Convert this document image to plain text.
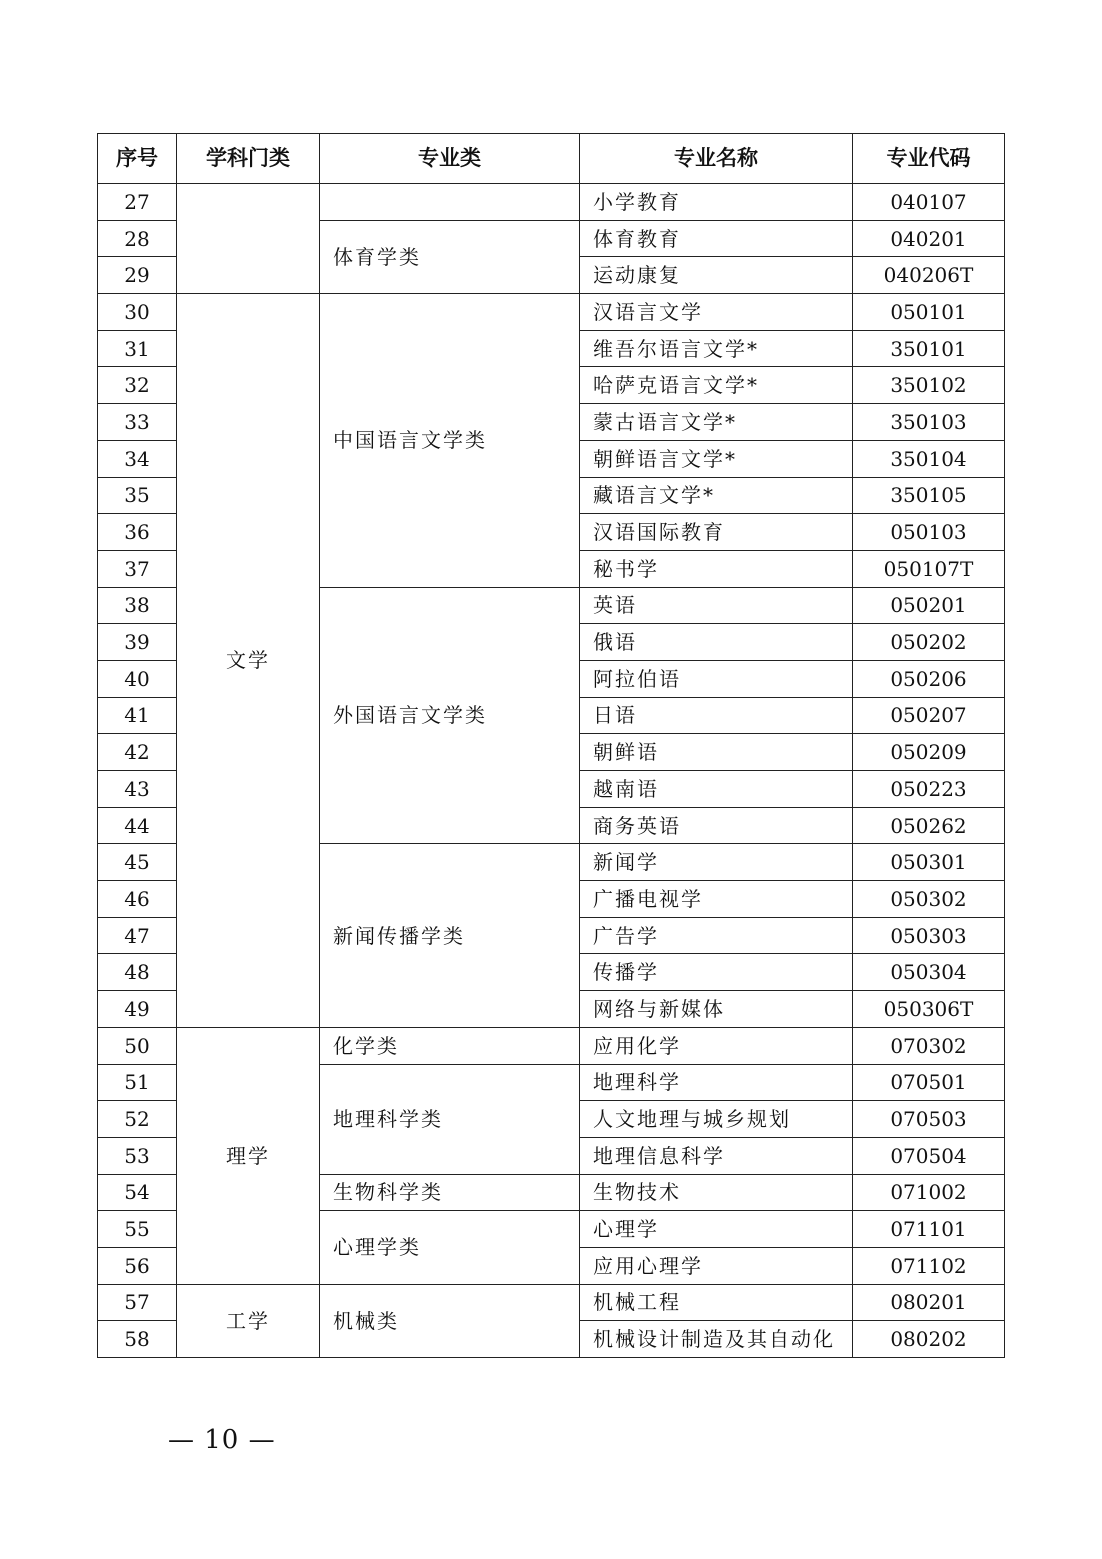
序号	学科门类	专业类	专业名称	专业代码
27			小学教育	040107
28		体育学类	体育教育	040201
29			运动康复	040206T
30	文学	中国语言文学类	汉语言文学	050101
31			维吾尔语言文学*	350101
32			哈萨克语言文学*	350102
33			蒙古语言文学*	350103
34			朝鲜语言文学*	350104
35			藏语言文学*	350105
36			汉语国际教育	050103
37			秘书学	050107T
38		外国语言文学类	英语	050201
39			俄语	050202
40			阿拉伯语	050206
41			日语	050207
42			朝鲜语	050209
43			越南语	050223
44			商务英语	050262
45		新闻传播学类	新闻学	050301
46			广播电视学	050302
47			广告学	050303
48			传播学	050304
49			网络与新媒体	050306T
50	理学	化学类	应用化学	070302
51		地理科学类	地理科学	070501
52			人文地理与城乡规划	070503
53			地理信息科学	070504
54		生物科学类	生物技术	071002
55		心理学类	心理学	071101
56			应用心理学	071102
57	工学	机械类	机械工程	080201
58			机械设计制造及其自动化	080202
— 10 —
